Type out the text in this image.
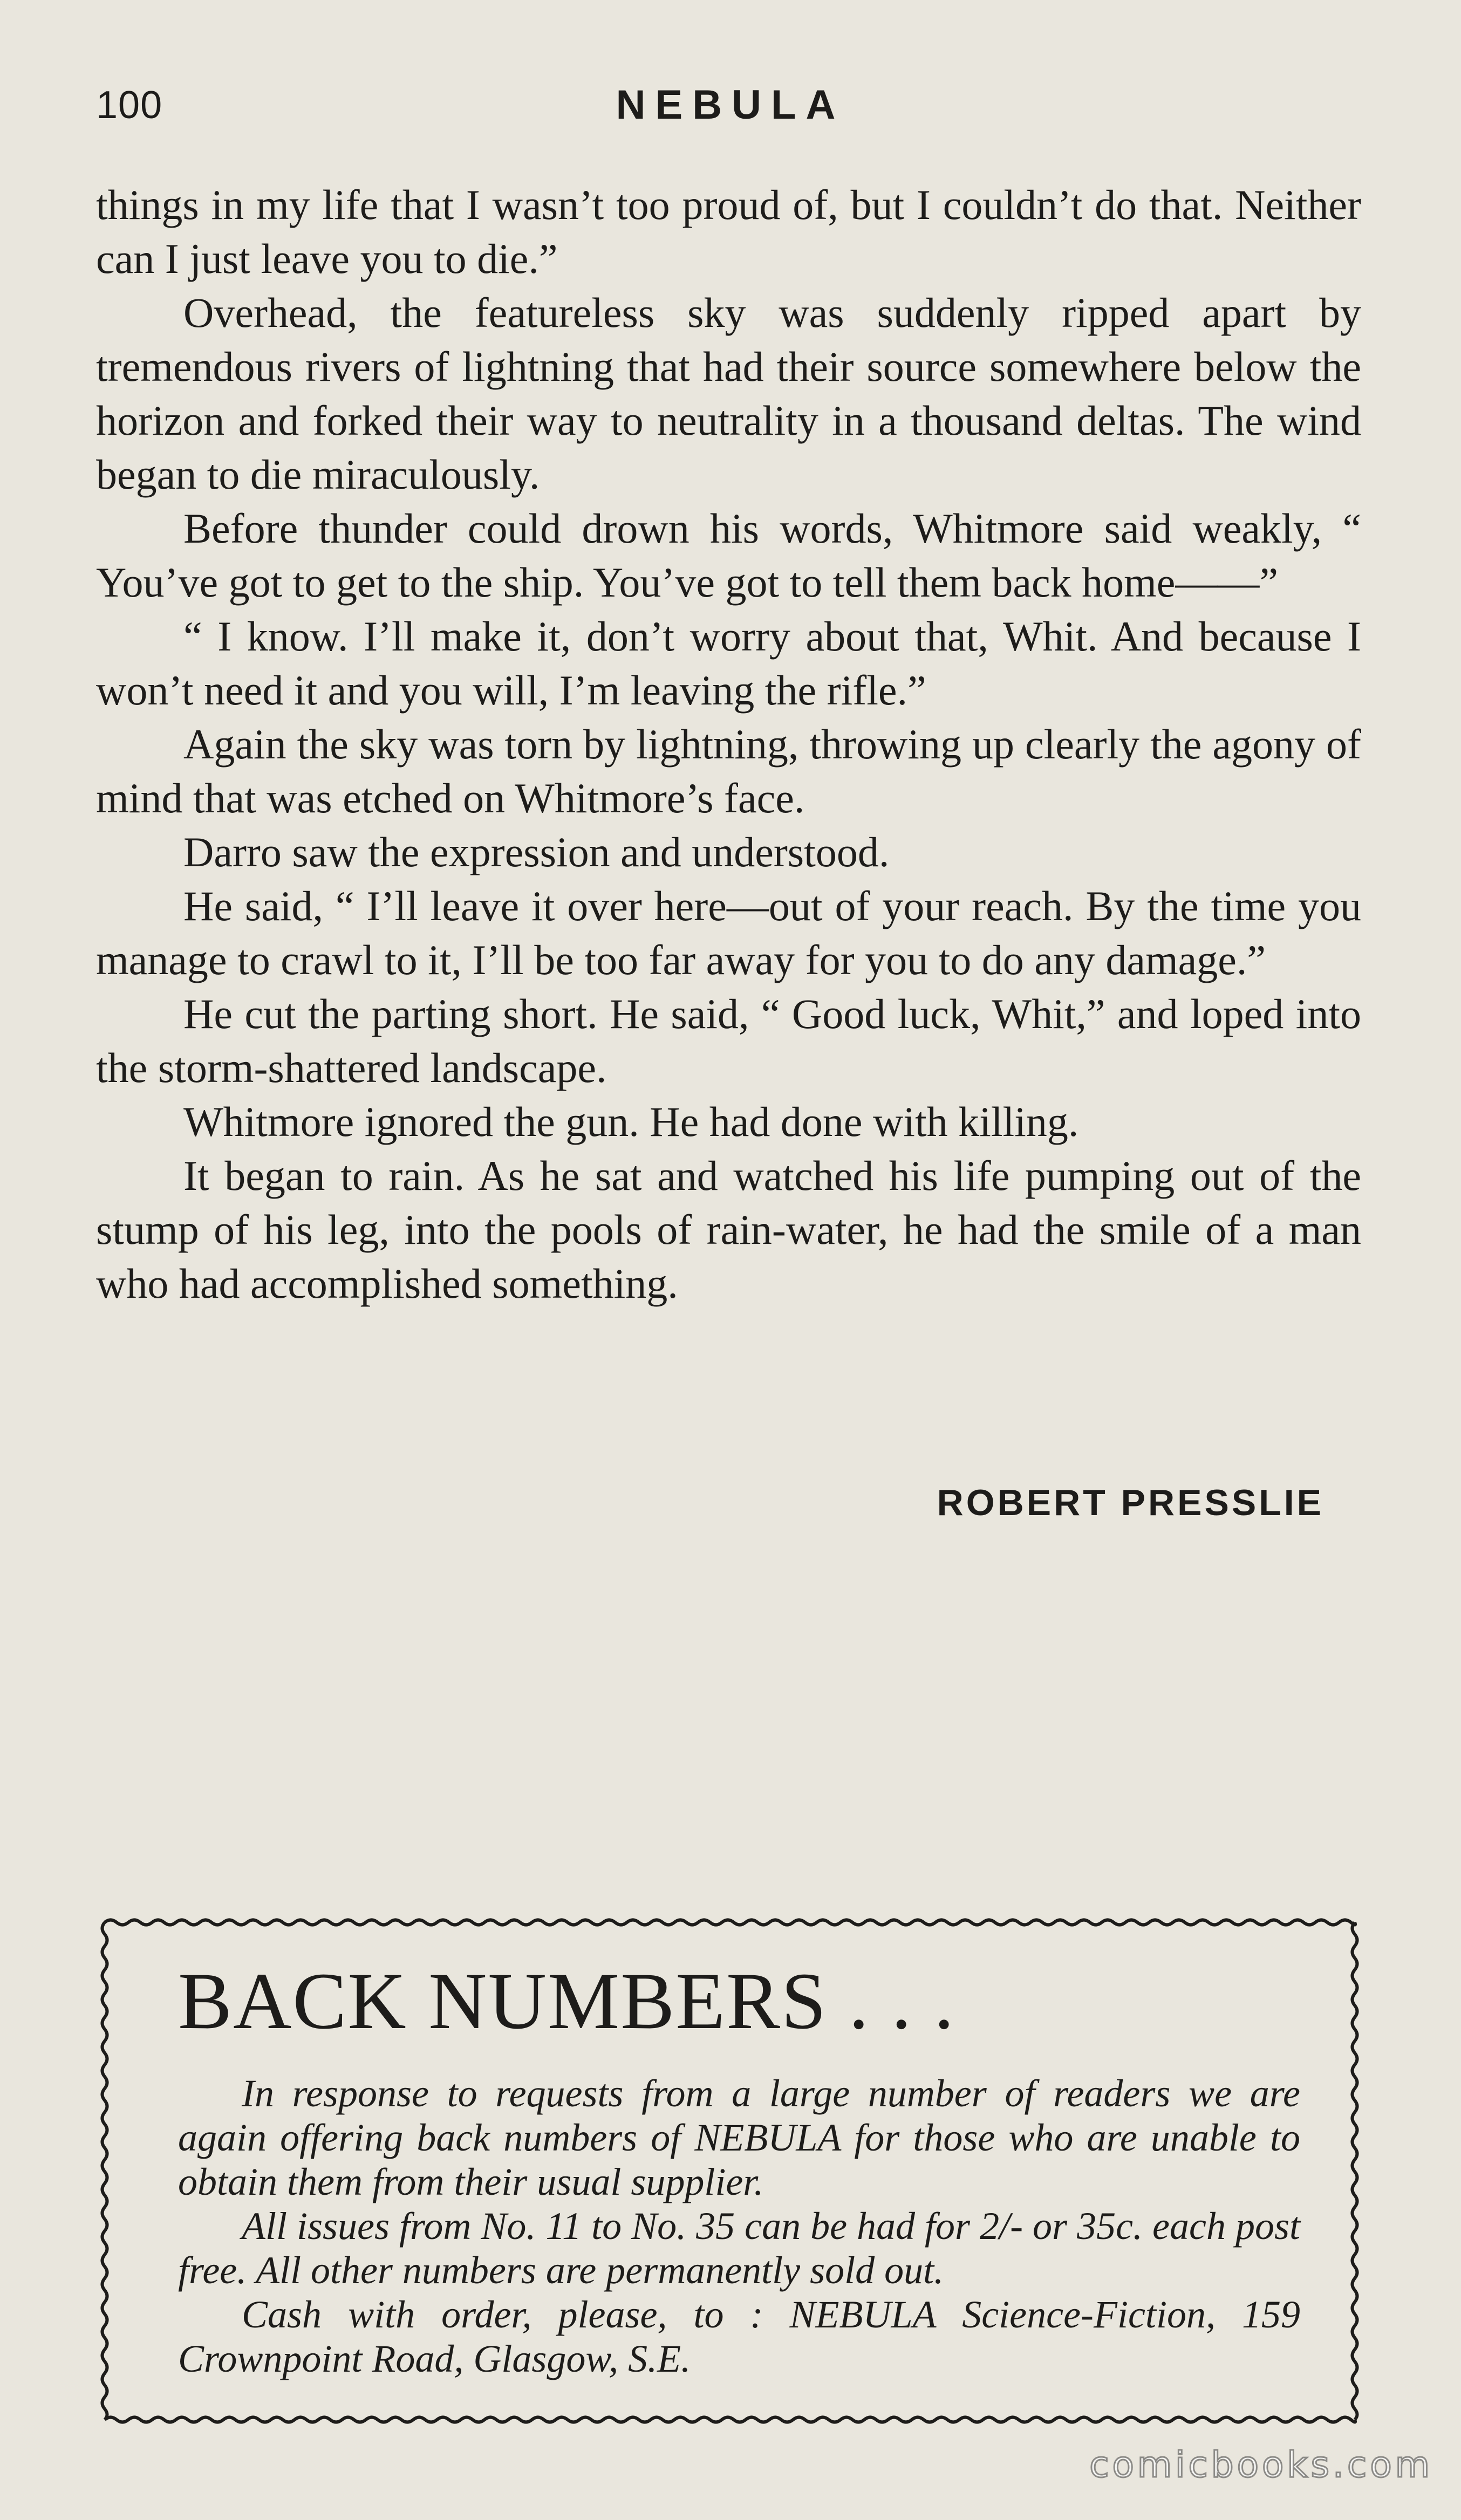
100	NEBULA

things in my life that I wasn’t too proud of, but I couldn’t do that. Neither can I just leave you to die.”

Overhead, the featureless sky was suddenly ripped apart by tremendous rivers of lightning that had their source somewhere below the horizon and forked their way to neutrality in a thousand deltas. The wind began to die miraculously.

Before thunder could drown his words, Whitmore said weakly, “ You’ve got to get to the ship. You’ve got to tell them back home——”

“ I know. I’ll make it, don’t worry about that, Whit. And because I won’t need it and you will, I’m leaving the rifle.”

Again the sky was torn by lightning, throwing up clearly the agony of mind that was etched on Whitmore’s face.

Darro saw the expression and understood.

He said, “ I’ll leave it over here—out of your reach. By the time you manage to crawl to it, I’ll be too far away for you to do any damage.”

He cut the parting short. He said, “ Good luck, Whit,” and loped into the storm-shattered landscape.

Whitmore ignored the gun. He had done with killing.

It began to rain. As he sat and watched his life pumping out of the stump of his leg, into the pools of rain-water, he had the smile of a man who had accomplished something.

ROBERT PRESSLIE
BACK NUMBERS . . .

In response to requests from a large number of readers we are again offering back numbers of NEBULA for those who are unable to obtain them from their usual supplier.

All issues from No. 11 to No. 35 can be had for 2/- or 35c. each post free. All other numbers are permanently sold out.

Cash with order, please, to : NEBULA Science-Fiction, 159 Crownpoint Road, Glasgow, S.E.

comicbooks.com
